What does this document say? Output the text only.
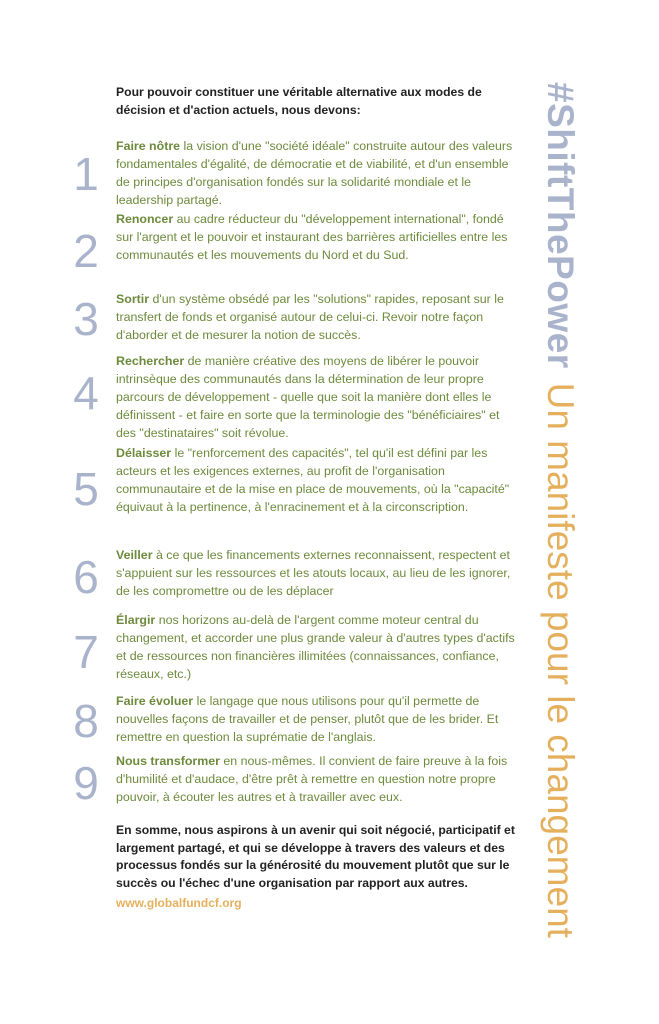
Pour pouvoir constituer une véritable alternative aux modes de décision et d'action actuels, nous devons:
1
Faire nôtre la vision d'une "société idéale" construite autour des valeurs fondamentales d'égalité, de démocratie et de viabilité, et d'un ensemble de principes d'organisation fondés sur la solidarité mondiale et le leadership partagé.
2
Renoncer au cadre réducteur du "développement international", fondé sur l'argent et le pouvoir et instaurant des barrières artificielles entre les communautés et les mouvements du Nord et du Sud.
3	Sortir d'un système obsédé par les "solutions" rapides, reposant sur le transfert de fonds et organisé autour de celui-ci. Revoir notre façon d'aborder et de mesurer la notion de succès.
4
Rechercher de manière créative des moyens de libérer le pouvoir intrinsèque des communautés dans la détermination de leur propre parcours de développement - quelle que soit la manière dont elles le définissent - et faire en sorte que la terminologie des "bénéficiaires" et des "destinataires" soit révolue.
5
Délaisser le "renforcement des capacités", tel qu'il est défini par les acteurs et les exigences externes, au profit de l'organisation communautaire et de la mise en place de mouvements, où la "capacité" équivaut à la pertinence, à l'enracinement et à la circonscription.
6	Veiller à ce que les financements externes reconnaissent, respectent et s'appuient sur les ressources et les atouts locaux, au lieu de les ignorer, de les compromettre ou de les déplacer
7
Élargir nos horizons au-delà de l'argent comme moteur central du changement, et accorder une plus grande valeur à d'autres types d'actifs et de ressources non financières illimitées (connaissances, confiance, réseaux, etc.)
8	Faire évoluer le langage que nous utilisons pour qu'il permette de nouvelles façons de travailler et de penser, plutôt que de les brider. Et remettre en question la suprématie de l'anglais.
9	Nous transformer en nous-mêmes. Il convient de faire preuve à la fois d'humilité et d'audace, d'être prêt à remettre en question notre propre pouvoir, à écouter les autres et à travailler avec eux.
En somme, nous aspirons à un avenir qui soit négocié, participatif et largement partagé, et qui se développe à travers des valeurs et des processus fondés sur la générosité du mouvement plutôt que sur le succès ou l'échec d'une organisation par rapport aux autres.
www.globalfundcf.org
#ShiftThePowerUn manifeste pour le changement
